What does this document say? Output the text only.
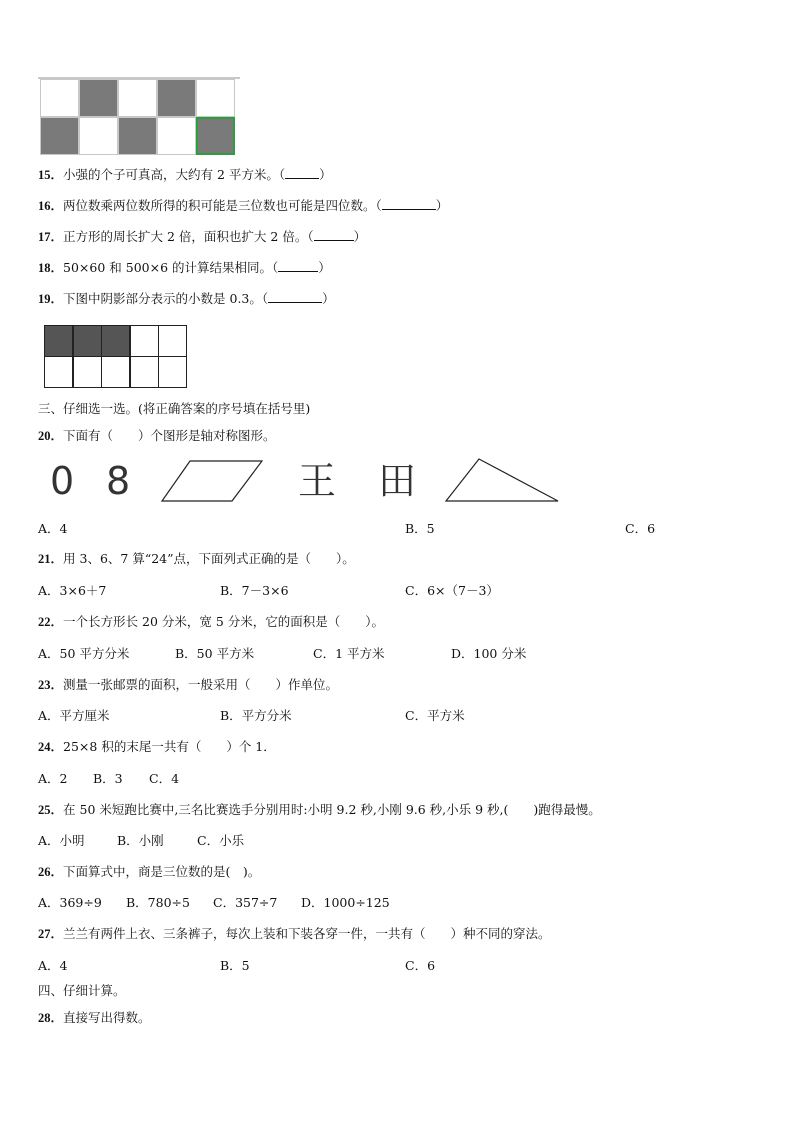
15．小强的个子可真高，大约有 2 平方米。（	）
16．两位数乘两位数所得的积可能是三位数也可能是四位数。（	）
17．正方形的周长扩大 2 倍，面积也扩大 2 倍。（	）
18．50×60 和 500×6 的计算结果相同。（	）
19．下图中阴影部分表示的小数是 0.3。（	）
三、仔细选一选。(将正确答案的序号填在括号里)
20．下面有（　　）个图形是轴对称图形。
0 8	王 田
A．4	B．5	C．6
21．用 3、6、7 算“24”点，下面列式正确的是（　　）。
A．3×6＋7	B．7－3×6	C．6×（7－3）
22．一个长方形长 20 分米，宽 5 分米，它的面积是（　　）。
A．50 平方分米	B．50 平方米	C．1 平方米	D．100 分米
23．测量一张邮票的面积，一般采用（　　）作单位。
A．平方厘米	B．平方分米	C．平方米
24．25×8 积的末尾一共有（　　）个 1．
A．2 B．3 C．4
25．在 50 米短跑比赛中,三名比赛选手分别用时:小明 9.2 秒,小刚 9.6 秒,小乐 9 秒,(　　)跑得最慢。
A．小明	B．小刚	C．小乐
26．下面算式中，商是三位数的是(　)。
A．369÷9 B．780÷5 C．357÷7 D．1000÷125
27．兰兰有两件上衣、三条裤子，每次上装和下装各穿一件，一共有（　　）种不同的穿法。
A．4	B．5	C．6
四、仔细计算。
28．直接写出得数。
